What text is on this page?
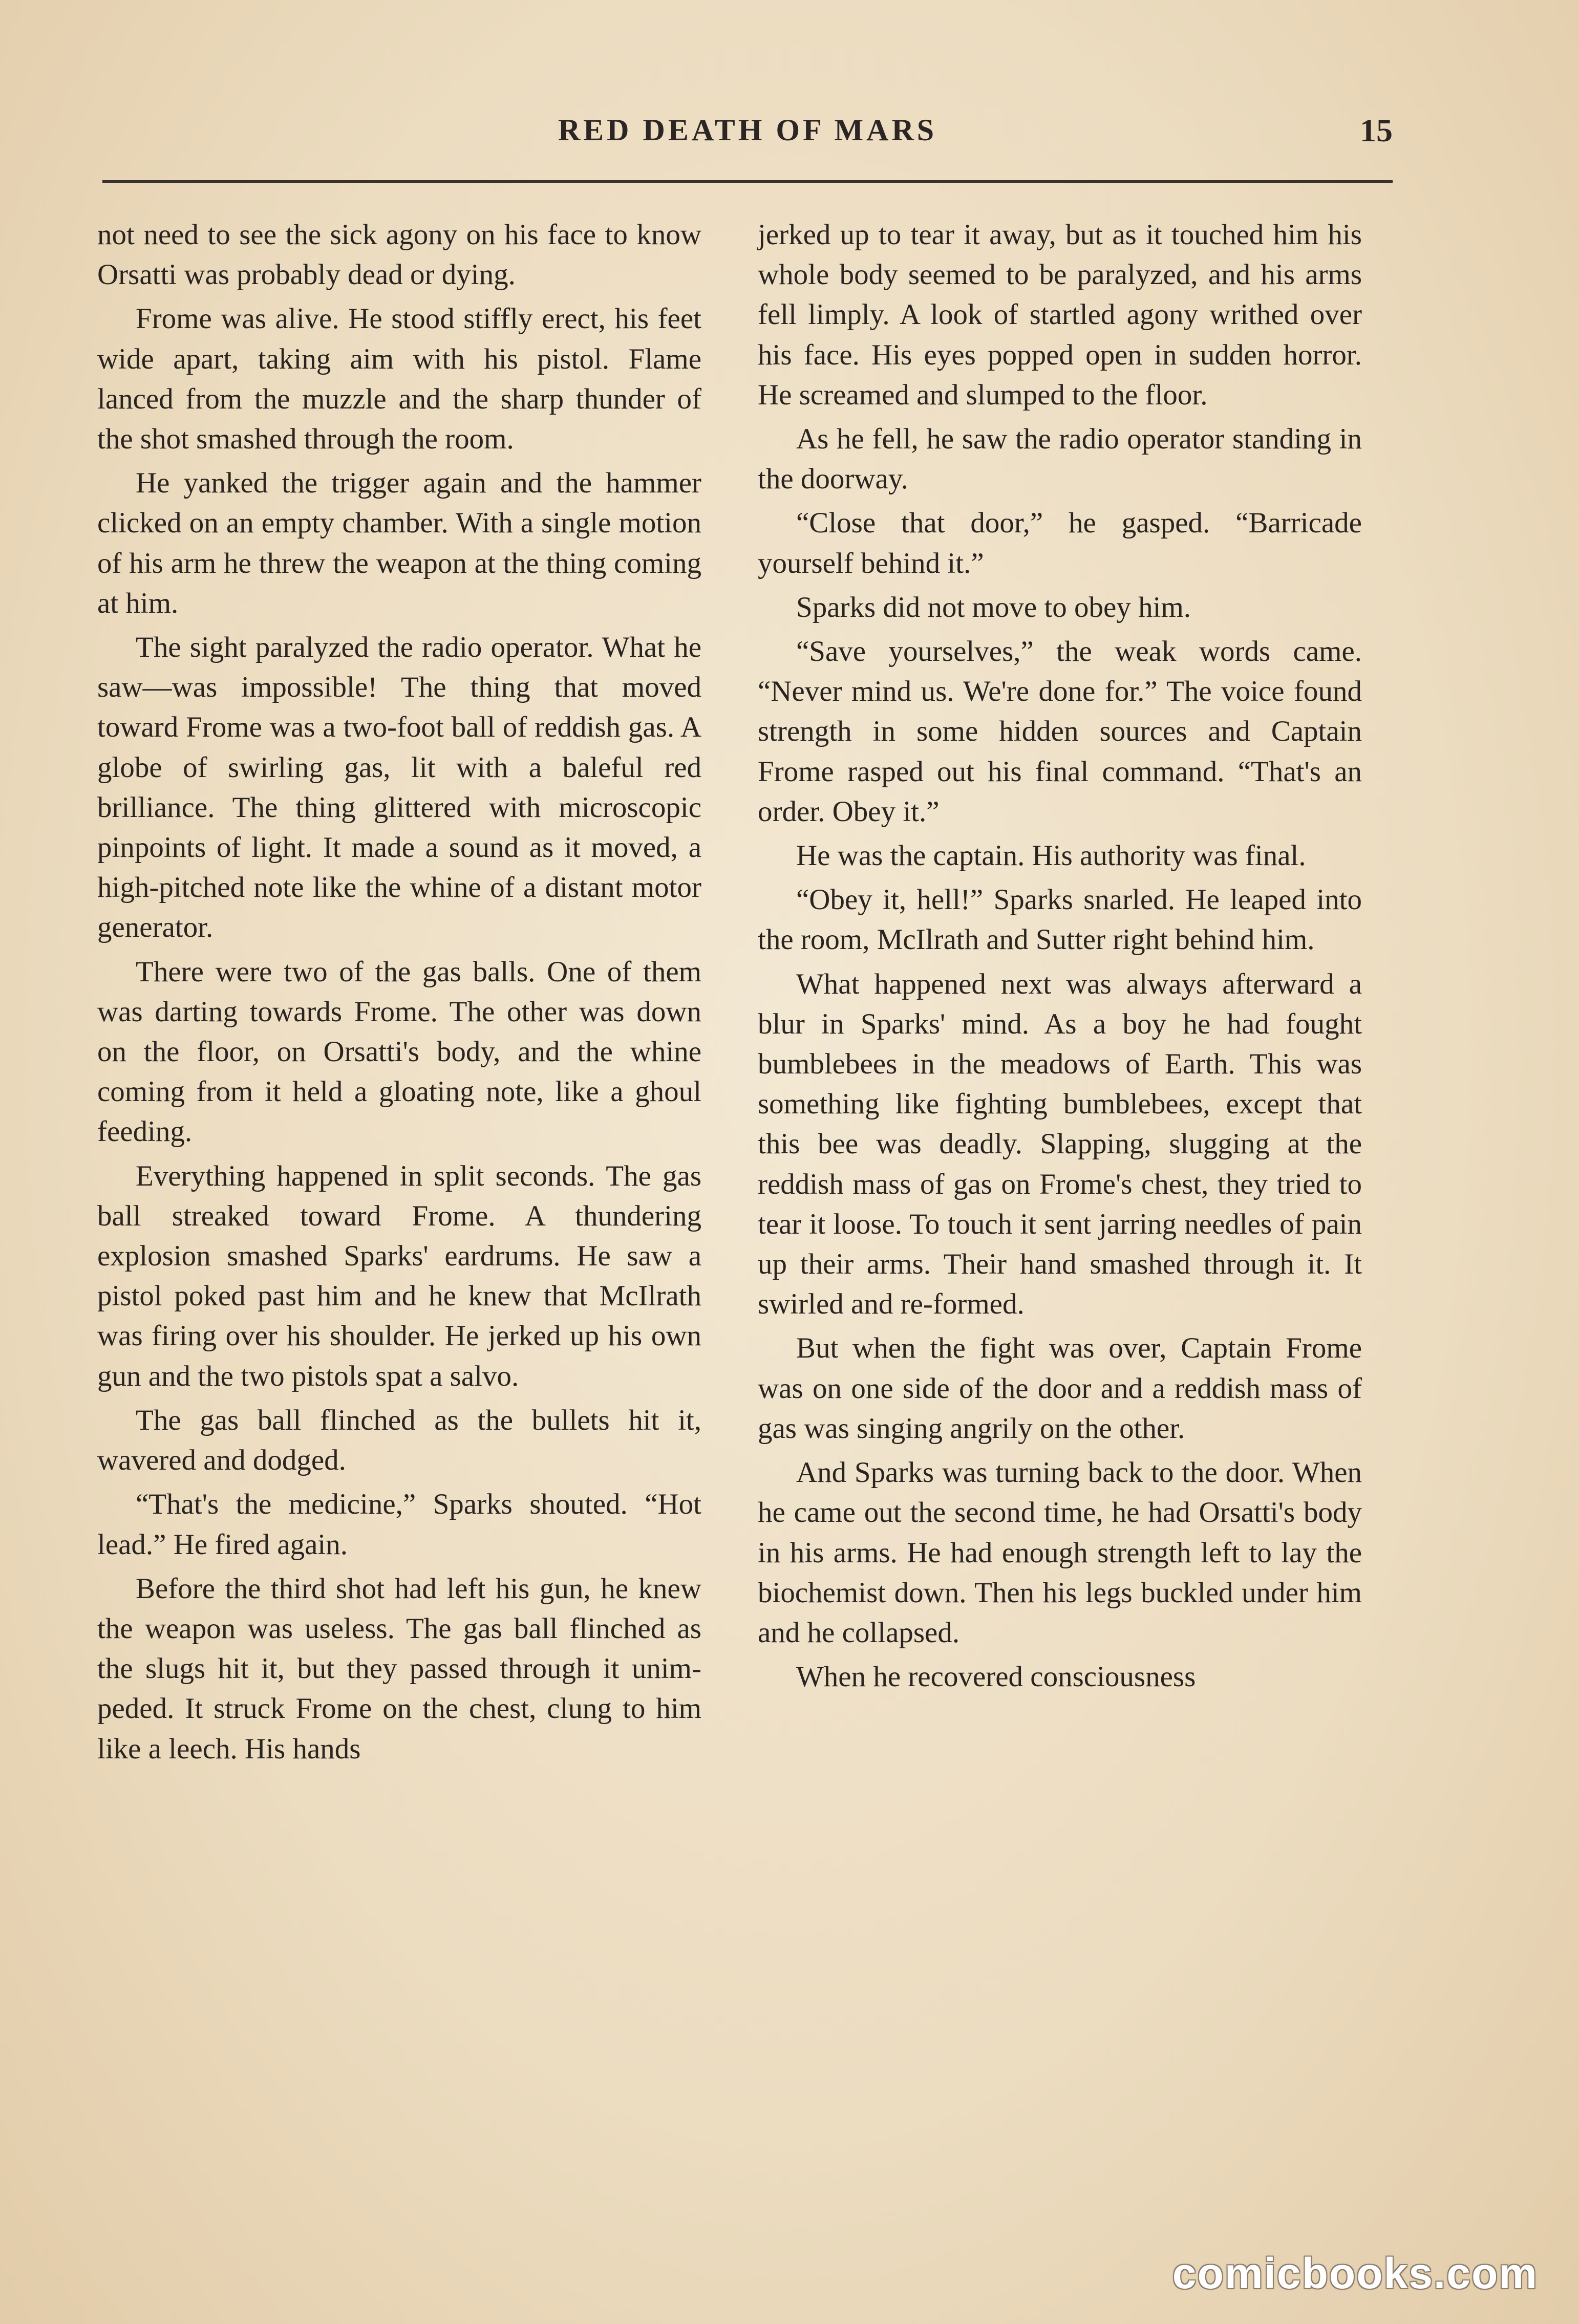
RED DEATH OF MARS	15

not need to see the sick agony on his face to know Orsatti was probably dead or dying.

Frome was alive. He stood stiffly erect, his feet wide apart, taking aim with his pistol. Flame lanced from the muzzle and the sharp thunder of the shot smashed through the room.

He yanked the trigger again and the hammer clicked on an empty chamber. With a single motion of his arm he threw the weapon at the thing coming at him.

The sight paralyzed the radio operator. What he saw—was impossible! The thing that moved toward Frome was a two-foot ball of reddish gas. A globe of swirling gas, lit with a baleful red brilliance. The thing glittered with microscopic pinpoints of light. It made a sound as it moved, a high-pitched note like the whine of a distant motor generator.

There were two of the gas balls. One of them was darting towards Frome. The other was down on the floor, on Orsatti's body, and the whine coming from it held a gloating note, like a ghoul feeding.

Everything happened in split seconds. The gas ball streaked toward Frome. A thundering explosion smashed Sparks' eardrums. He saw a pistol poked past him and he knew that McIlrath was firing over his shoulder. He jerked up his own gun and the two pistols spat a salvo.

The gas ball flinched as the bullets hit it, wavered and dodged.

“That's the medicine,” Sparks shouted. “Hot lead.” He fired again.

Before the third shot had left his gun, he knew the weapon was useless. The gas ball flinched as the slugs hit it, but they passed through it unimpeded. It struck Frome on the chest, clung to him like a leech. His hands

jerked up to tear it away, but as it touched him his whole body seemed to be paralyzed, and his arms fell limply. A look of startled agony writhed over his face. His eyes popped open in sudden horror. He screamed and slumped to the floor.

As he fell, he saw the radio operator standing in the doorway.

“Close that door,” he gasped. “Barricade yourself behind it.”

Sparks did not move to obey him.

“Save yourselves,” the weak words came. “Never mind us. We're done for.” The voice found strength in some hidden sources and Captain Frome rasped out his final command. “That's an order. Obey it.”

He was the captain. His authority was final.

“Obey it, hell!” Sparks snarled. He leaped into the room, McIlrath and Sutter right behind him.

What happened next was always afterward a blur in Sparks' mind. As a boy he had fought bumblebees in the meadows of Earth. This was something like fighting bumblebees, except that this bee was deadly. Slapping, slugging at the reddish mass of gas on Frome's chest, they tried to tear it loose. To touch it sent jarring needles of pain up their arms. Their hand smashed through it. It swirled and re-formed.

But when the fight was over, Captain Frome was on one side of the door and a reddish mass of gas was singing angrily on the other.

And Sparks was turning back to the door. When he came out the second time, he had Orsatti's body in his arms. He had enough strength left to lay the biochemist down. Then his legs buckled under him and he collapsed.

When he recovered consciousness

comicbooks.com
